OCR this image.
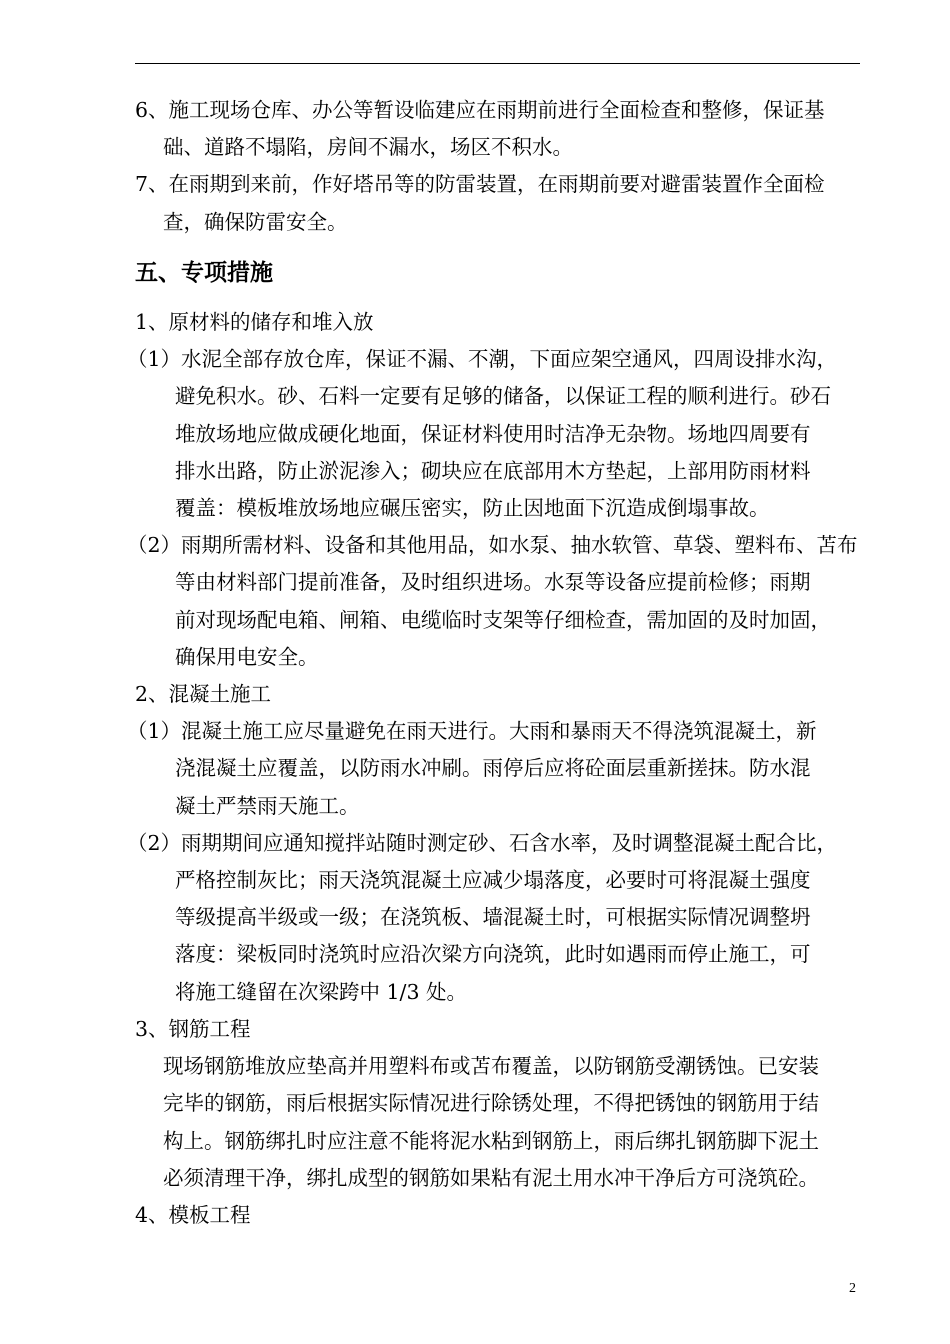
6、施工现场仓库、办公等暂设临建应在雨期前进行全面检查和整修，保证基
础、道路不塌陷，房间不漏水，场区不积水。
7、在雨期到来前，作好塔吊等的防雷装置，在雨期前要对避雷装置作全面检
查，确保防雷安全。
五、专项措施
1、原材料的储存和堆入放
（1）水泥全部存放仓库，保证不漏、不潮，下面应架空通风，四周设排水沟，
避免积水。砂、石料一定要有足够的储备，以保证工程的顺利进行。砂石
堆放场地应做成硬化地面，保证材料使用时洁净无杂物。场地四周要有
排水出路，防止淤泥渗入；砌块应在底部用木方垫起，上部用防雨材料
覆盖：模板堆放场地应碾压密实，防止因地面下沉造成倒塌事故。
（2）雨期所需材料、设备和其他用品，如水泵、抽水软管、草袋、塑料布、苫布
等由材料部门提前准备，及时组织进场。水泵等设备应提前检修；雨期
前对现场配电箱、闸箱、电缆临时支架等仔细检查，需加固的及时加固，
确保用电安全。
2、混凝土施工
（1）混凝土施工应尽量避免在雨天进行。大雨和暴雨天不得浇筑混凝土，新
浇混凝土应覆盖，以防雨水冲刷。雨停后应将砼面层重新搓抹。防水混
凝土严禁雨天施工。
（2）雨期期间应通知搅拌站随时测定砂、石含水率，及时调整混凝土配合比，
严格控制灰比；雨天浇筑混凝土应减少塌落度，必要时可将混凝土强度
等级提高半级或一级；在浇筑板、墙混凝土时，可根据实际情况调整坍
落度：梁板同时浇筑时应沿次梁方向浇筑，此时如遇雨而停止施工，可
将施工缝留在次梁跨中 1/3 处。
3、钢筋工程
现场钢筋堆放应垫高并用塑料布或苫布覆盖，以防钢筋受潮锈蚀。已安装
完毕的钢筋，雨后根据实际情况进行除锈处理，不得把锈蚀的钢筋用于结
构上。钢筋绑扎时应注意不能将泥水粘到钢筋上，雨后绑扎钢筋脚下泥土
必须清理干净，绑扎成型的钢筋如果粘有泥土用水冲干净后方可浇筑砼。
4、模板工程
2
